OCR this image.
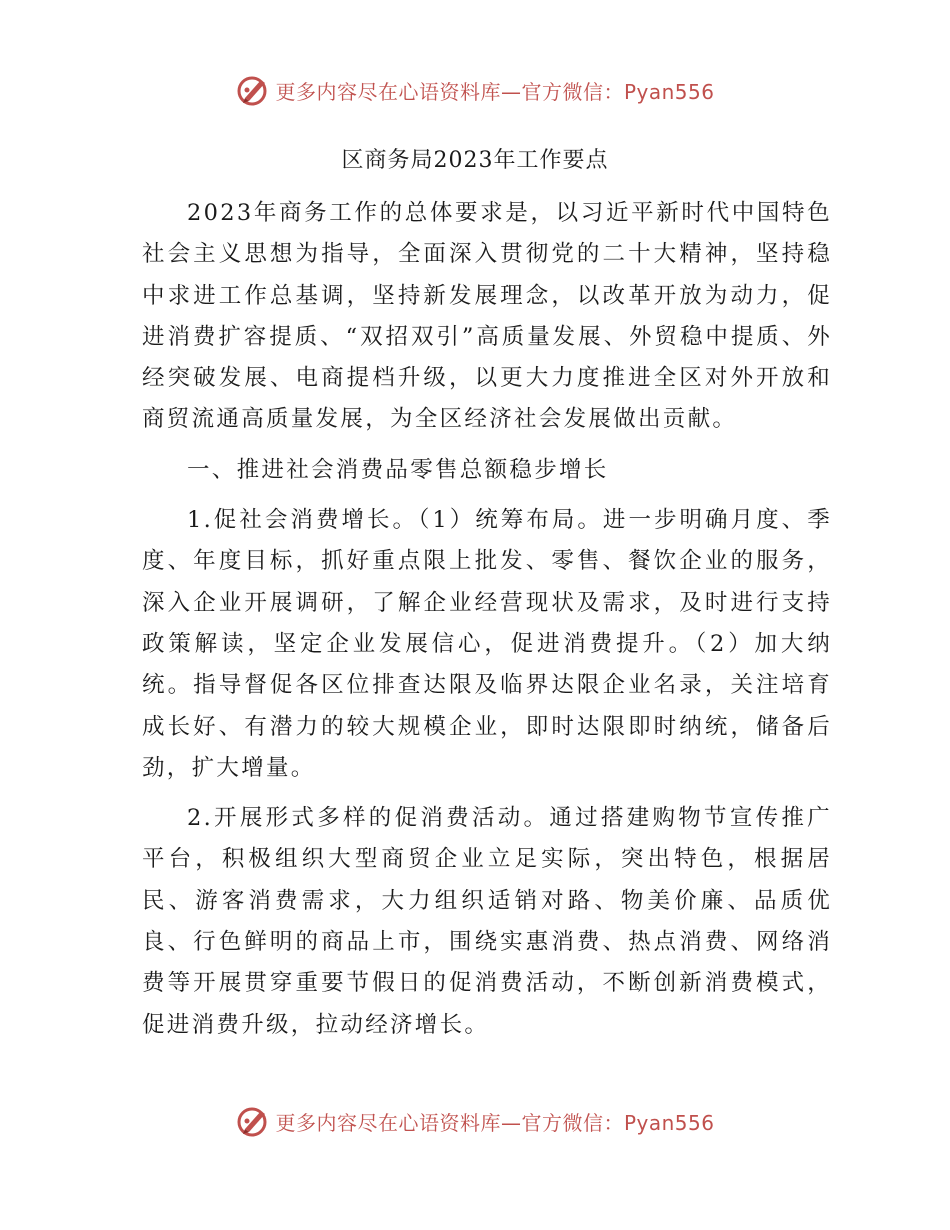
更多内容尽在心语资料库—官方微信：Pyan556
区商务局2023年工作要点

2023年商务工作的总体要求是，以习近平新时代中国特色社会主义思想为指导，全面深入贯彻党的二十大精神，坚持稳中求进工作总基调，坚持新发展理念，以改革开放为动力，促进消费扩容提质、“双招双引”高质量发展、外贸稳中提质、外经突破发展、电商提档升级，以更大力度推进全区对外开放和商贸流通高质量发展，为全区经济社会发展做出贡献。

一、推进社会消费品零售总额稳步增长

1.促社会消费增长。（1）统筹布局。进一步明确月度、季度、年度目标，抓好重点限上批发、零售、餐饮企业的服务，深入企业开展调研，了解企业经营现状及需求，及时进行支持政策解读，坚定企业发展信心，促进消费提升。（2）加大纳统。指导督促各区位排查达限及临界达限企业名录，关注培育成长好、有潜力的较大规模企业，即时达限即时纳统，储备后劲，扩大增量。

2.开展形式多样的促消费活动。通过搭建购物节宣传推广平台，积极组织大型商贸企业立足实际，突出特色，根据居民、游客消费需求，大力组织适销对路、物美价廉、品质优良、行色鲜明的商品上市，围绕实惠消费、热点消费、网络消费等开展贯穿重要节假日的促消费活动，不断创新消费模式，促进消费升级，拉动经济增长。

更多内容尽在心语资料库—官方微信：Pyan556
